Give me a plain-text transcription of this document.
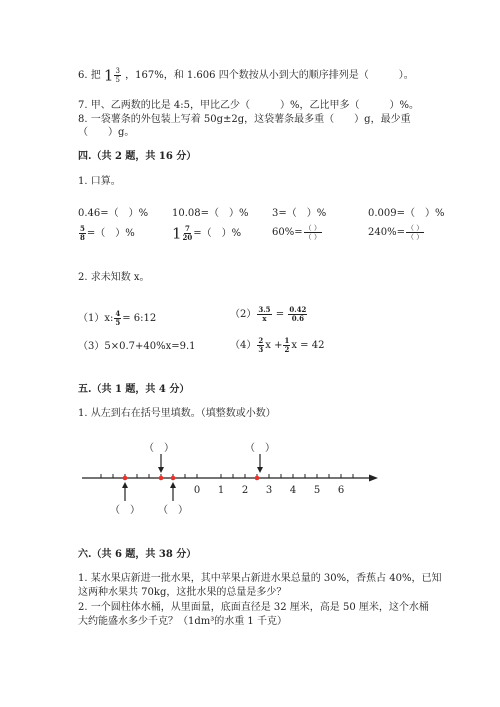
6. 把 $1 \frac{3}{5}$ ，167%，和 1.606 四个数按从小到大的顺序排列是（　　　）。
7. 甲、乙两数的比是 4:5，甲比乙少（　　　）%，乙比甲多（　　　）%。
8. 一袋薯条的外包装上写着 50g±2g，这袋薯条最多重（　　）g，最少重
（　　）g。
四.（共 2 题，共 16 分）
1. 口算。
0.46=（　）% 10.08=（　）% 3=（　）%	0.009=（　）%
$\frac{5}{8}$ =（　）% $1 \frac{7}{20}$ =（　）%	$60\%= \frac{( )}{( )}$	$240\%= \frac{( )}{( )}$
2. 求未知数 x。
（1）x: $\frac{4}{5}$ = 6:12	$(2) \frac{3.5}{x} = \frac{0.42}{0.6}$
（3）5×0.7+40%x=9.1	$(4) \frac{2}{3}$ $x + \frac{1}{2}$ x = 42
五.（共 1 题，共 4 分）
1. 从左到右在括号里填数。（填整数或小数）
0 1 2 3 4 5 6
（　）	（　）
（　） （　）
六.（共 6 题，共 38 分）
1. 某水果店新进一批水果，其中苹果占新进水果总量的 30%，香蕉占 40%，已知
这两种水果共 70kg，这批水果的总量是多少？
2. 一个圆柱体水桶，从里面量，底面直径是 32 厘米，高是 50 厘米，这个水桶
大约能盛水多少千克？（1dm³的水重 1 千克）
